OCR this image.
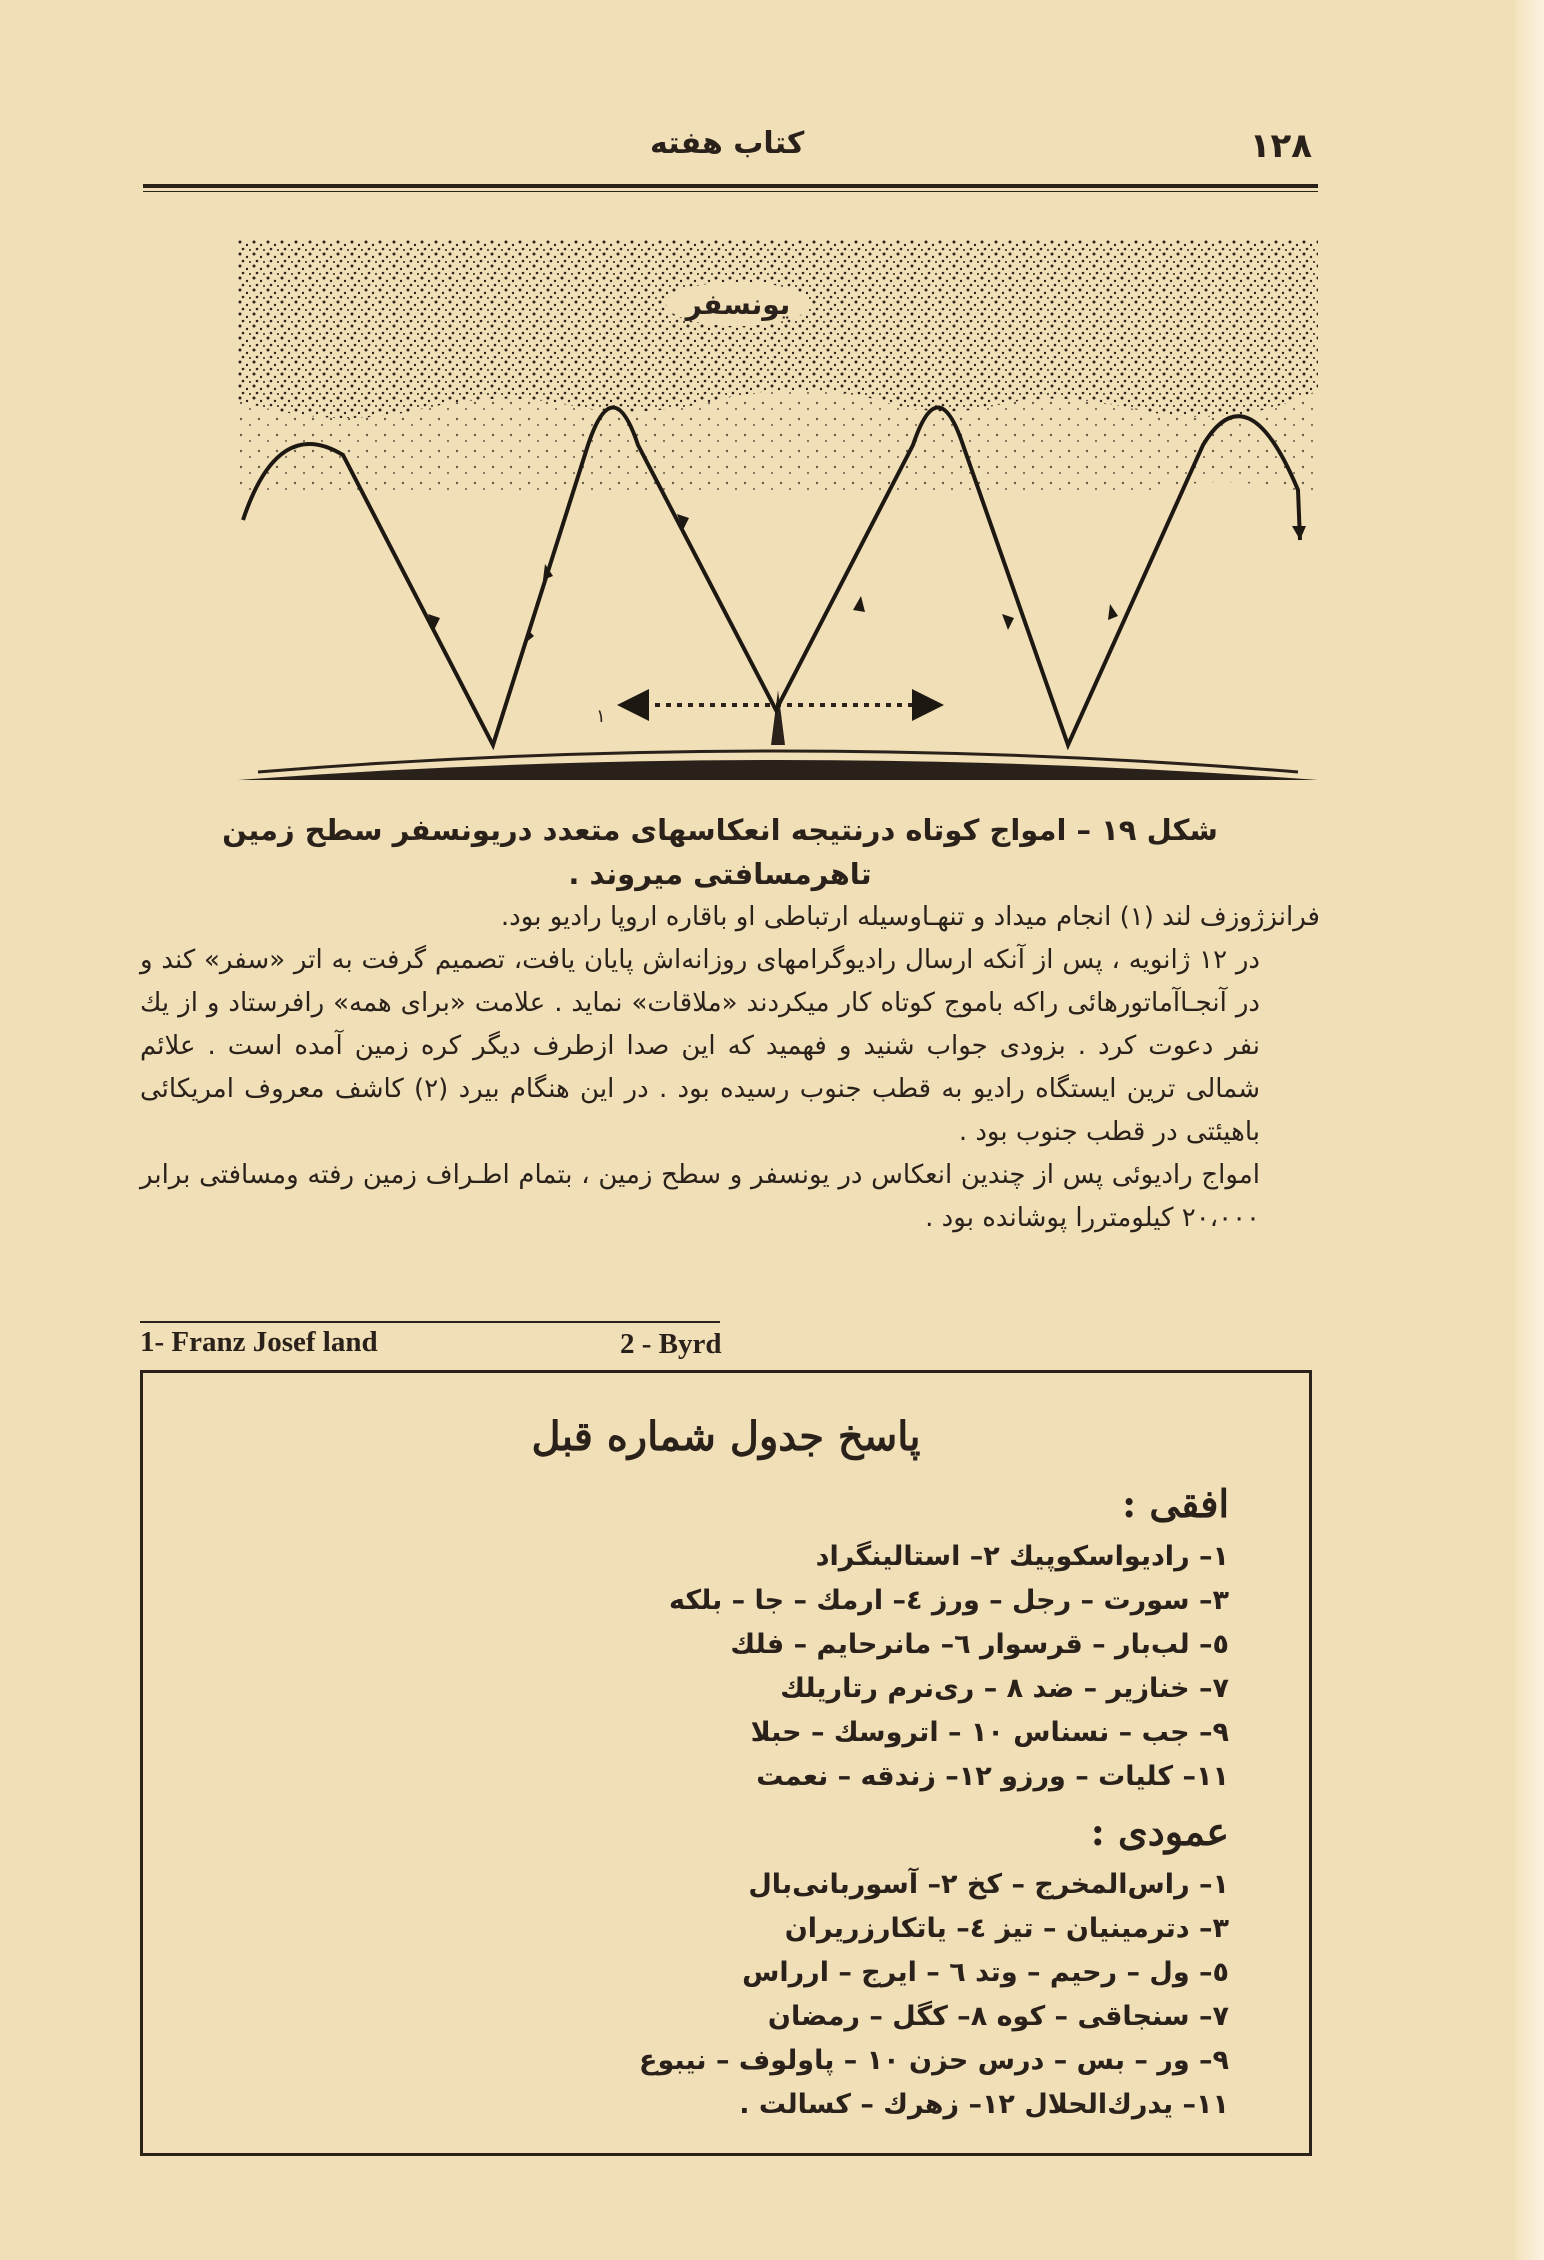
۱۲۸
کتاب هفته
یونسفر
۱
شکل ۱۹ – امواج کوتاه درنتیجه انعکاسهای متعدد دریونسفر سطح زمین
تاهرمسافتی میروند .

فرانزژوزف لند (۱) انجام میداد و تنهـاوسیله ارتباطی او باقاره اروپا رادیو بود.

در ۱۲ ژانویه ، پس از آنکه ارسال رادیوگرامهای روزانه‌اش پایان یافت، تصمیم گرفت به اتر «سفر» کند و در آنجـاآماتورهائی راکه باموج کوتاه کار میکردند «ملاقات» نماید . علامت «برای همه» رافرستاد و از یك نفر دعوت کرد . بزودی جواب شنید و فهمید که این صدا ازطرف دیگر کره زمین آمده است . علائم شمالی ترین ایستگاه رادیو به قطب جنوب رسیده بود . در این هنگام بیرد (۲) کاشف معروف امریکائی باهیئتی در قطب جنوب بود .

امواج رادیوئی پس از چندین انعکاس در یونسفر و سطح زمین ، بتمام اطـراف زمین رفته ومسافتی برابر ۲۰،۰۰۰ کیلومتررا پوشانده بود .

1- Franz Josef land	2 - Byrd
پاسخ جدول شماره قبل
افقی :
۱– رادیواسکوپیك ۲– استالینگراد
۳– سورت – رجل – ورز ٤– ارمك – جا – بلکه
٥– لب‌بار – قرسوار ٦– مانرحایم – فلك
۷– خنازیر – ضد ۸ – ری‌نرم رتاریلك
۹– جب – نسناس ۱۰ – اتروسك – حبلا
۱۱– کلیات – ورزو ۱۲– زندقه – نعمت
عمودی :
۱– راس‌المخرج – کخ ۲– آسوربانی‌بال
۳– دترمینیان – تیز ٤– یاتکارزریران
٥– ول – رحیم – وتد ٦ – ایرج – ارراس
۷– سنجاقی – کوه ۸– کگل – رمضان
۹– ور – بس – درس حزن ۱۰ – پاولوف – نیبوع
۱۱– یدرك‌الحلال ۱۲– زهرك – کسالت .
